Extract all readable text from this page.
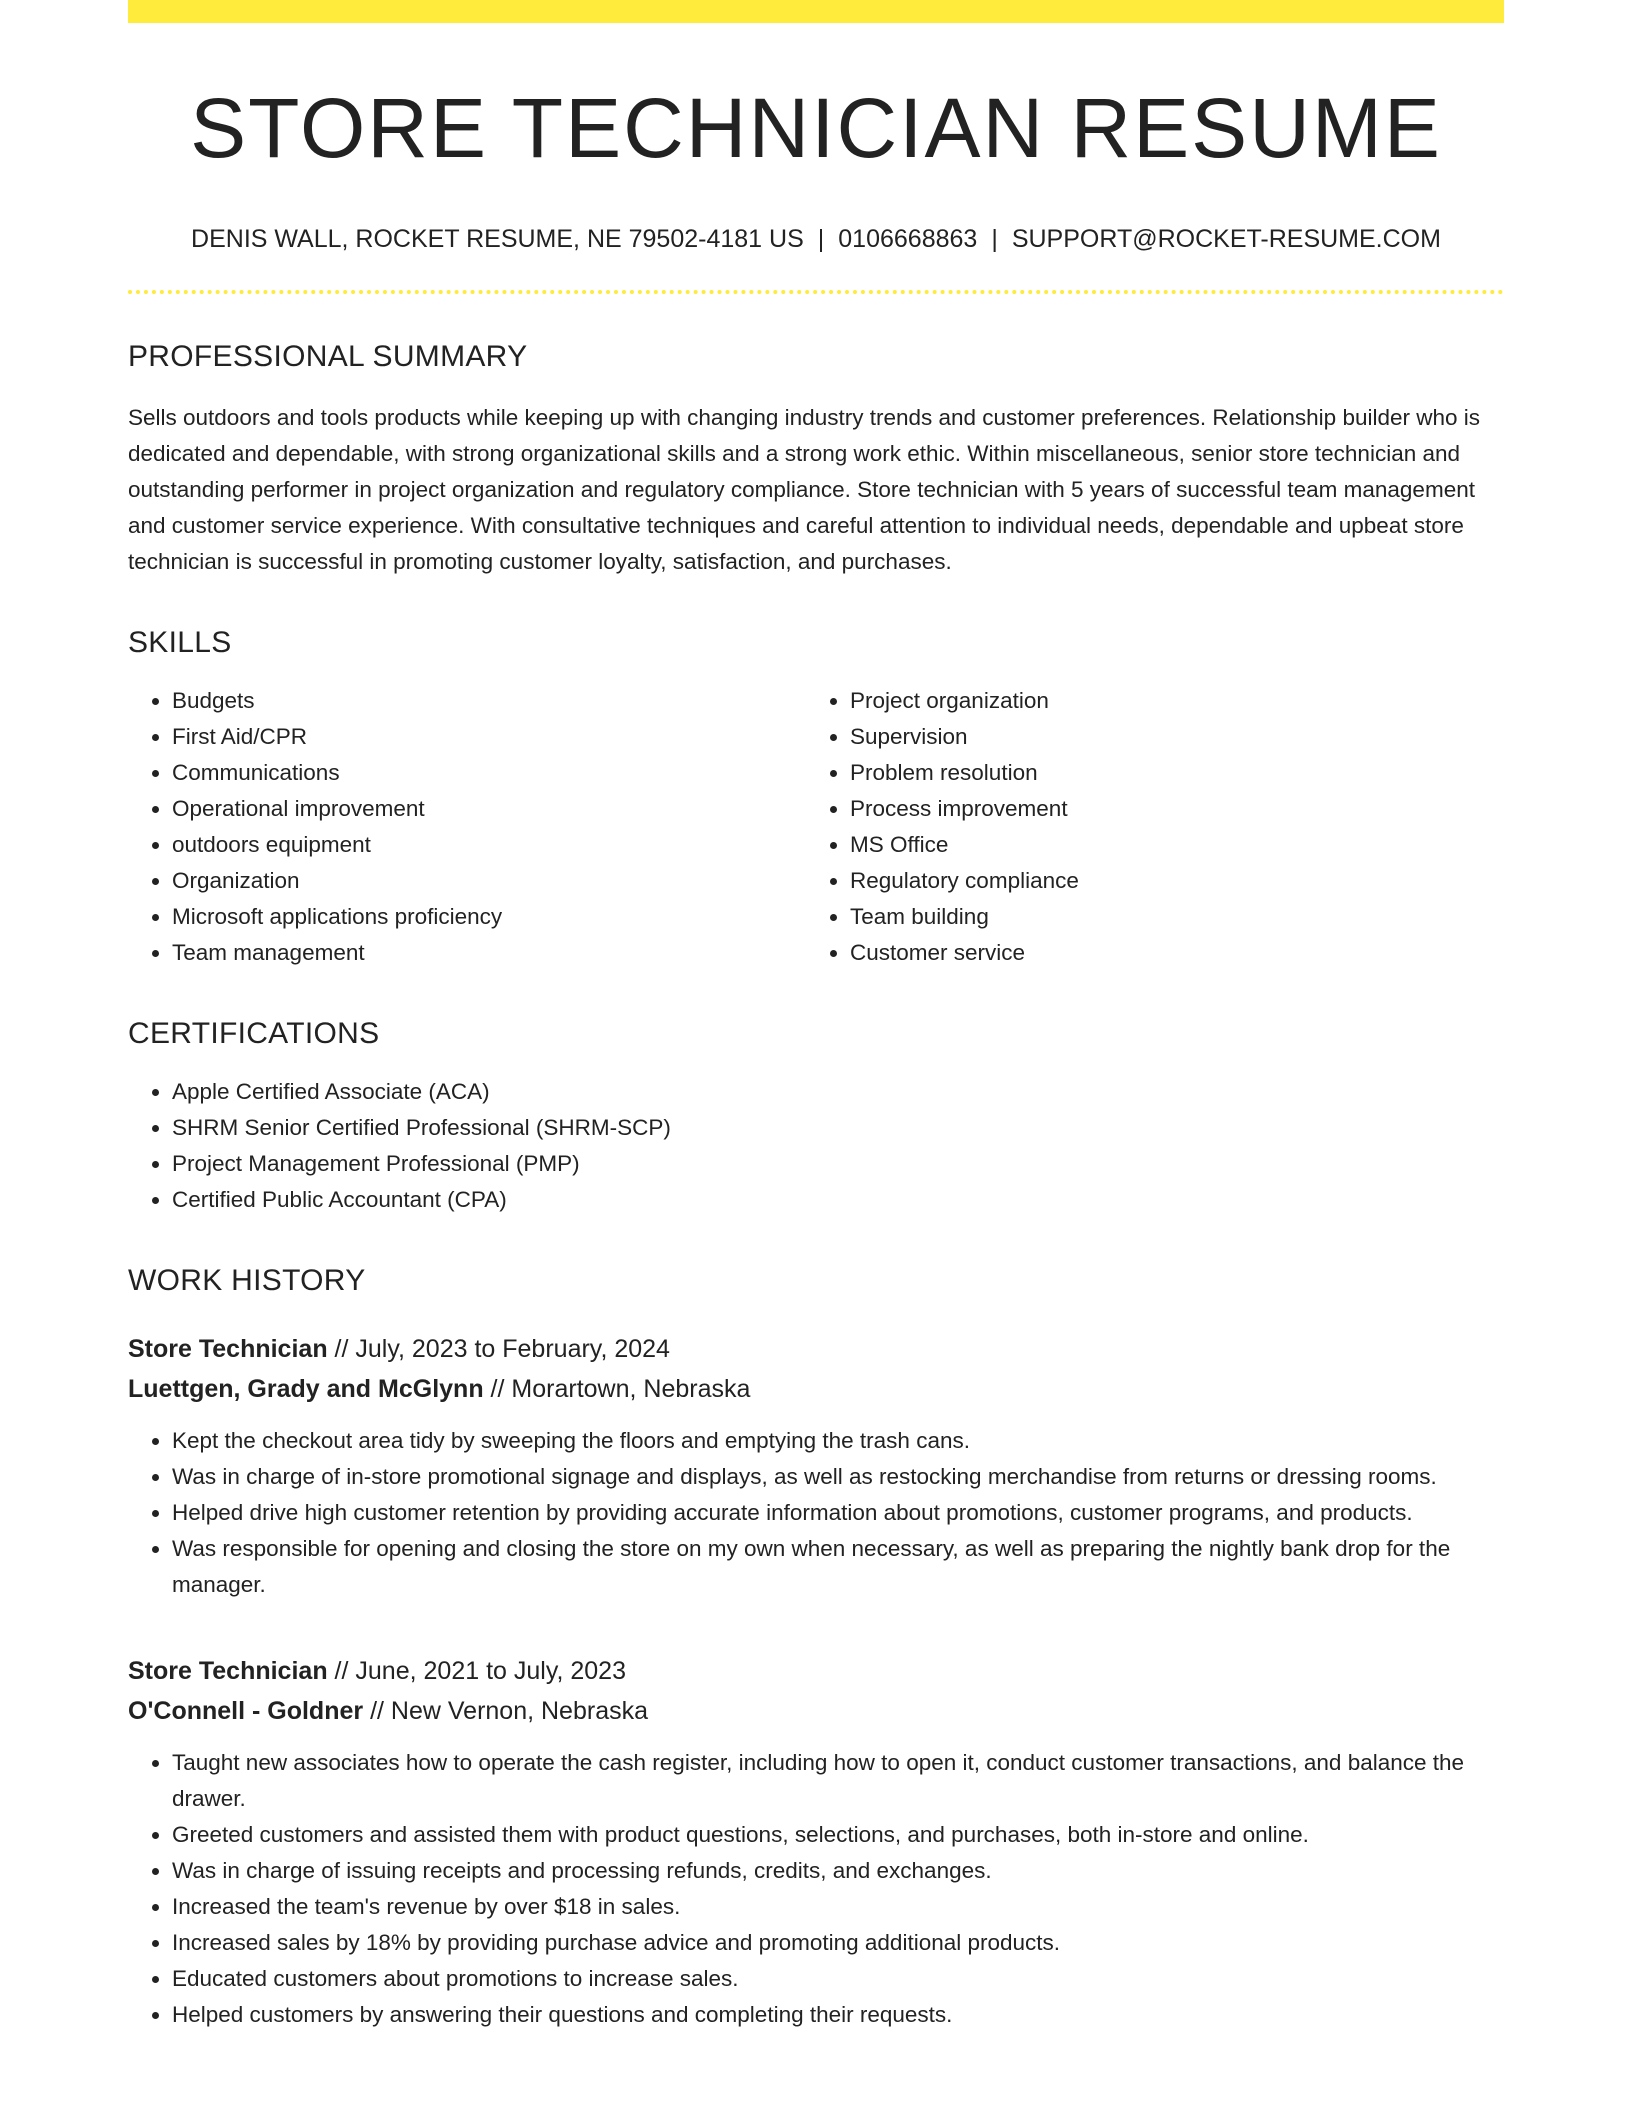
STORE TECHNICIAN RESUME
DENIS WALL, ROCKET RESUME, NE 79502-4181 US | 0106668863 | SUPPORT@ROCKET-RESUME.COM
PROFESSIONAL SUMMARY

Sells outdoors and tools products while keeping up with changing industry trends and customer preferences. Relationship builder who is dedicated and dependable, with strong organizational skills and a strong work ethic. Within miscellaneous, senior store technician and outstanding performer in project organization and regulatory compliance. Store technician with 5 years of successful team management and customer service experience. With consultative techniques and careful attention to individual needs, dependable and upbeat store technician is successful in promoting customer loyalty, satisfaction, and purchases.

SKILLS
• Budgets
• First Aid/CPR
• Communications
• Operational improvement
• outdoors equipment
• Organization
• Microsoft applications proficiency
• Team management
• Project organization
• Supervision
• Problem resolution
• Process improvement
• MS Office
• Regulatory compliance
• Team building
• Customer service
CERTIFICATIONS
• Apple Certified Associate (ACA)
• SHRM Senior Certified Professional (SHRM-SCP)
• Project Management Professional (PMP)
• Certified Public Accountant (CPA)
WORK HISTORY
Store Technician // July, 2023 to February, 2024
Luettgen, Grady and McGlynn // Morartown, Nebraska
• Kept the checkout area tidy by sweeping the floors and emptying the trash cans.
• Was in charge of in-store promotional signage and displays, as well as restocking merchandise from returns or dressing rooms.
• Helped drive high customer retention by providing accurate information about promotions, customer programs, and products.
• Was responsible for opening and closing the store on my own when necessary, as well as preparing the nightly bank drop for the manager.
Store Technician // June, 2021 to July, 2023
O'Connell - Goldner // New Vernon, Nebraska
• Taught new associates how to operate the cash register, including how to open it, conduct customer transactions, and balance the drawer.
• Greeted customers and assisted them with product questions, selections, and purchases, both in-store and online.
• Was in charge of issuing receipts and processing refunds, credits, and exchanges.
• Increased the team's revenue by over $18 in sales.
• Increased sales by 18% by providing purchase advice and promoting additional products.
• Educated customers about promotions to increase sales.
• Helped customers by answering their questions and completing their requests.
